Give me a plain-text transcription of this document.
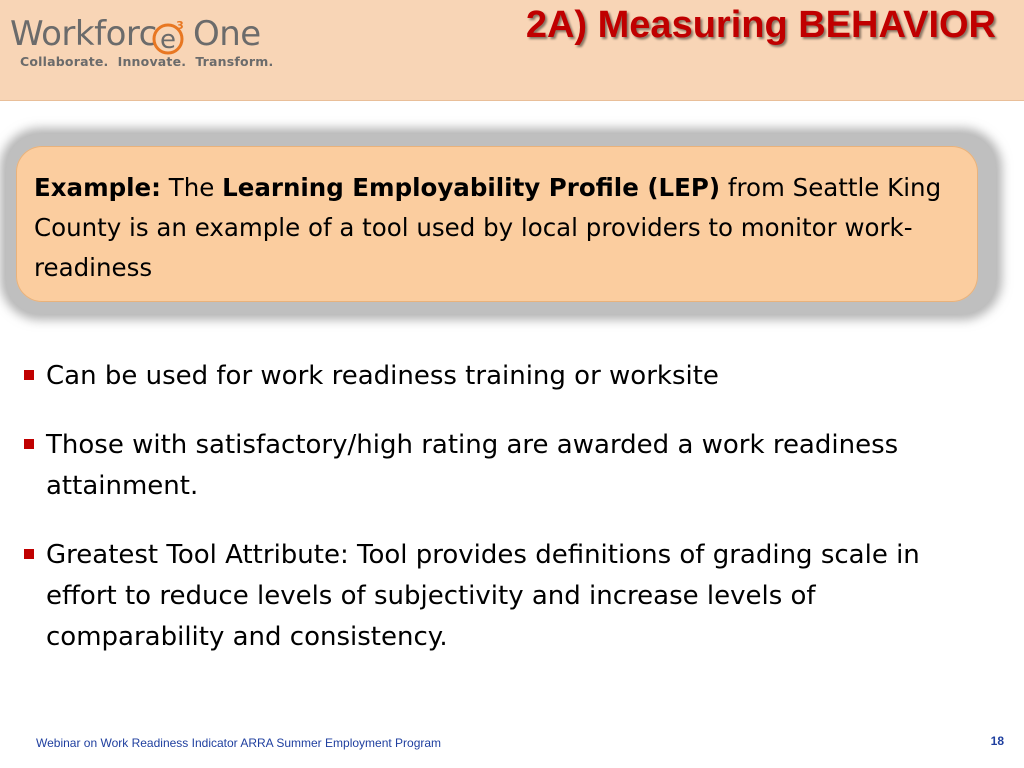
Workforc e 3 One
Collaborate.  Innovate.  Transform.
2A) Measuring BEHAVIOR
Example: The Learning Employability Profile (LEP) from Seattle King County is an example of a tool used by local providers to monitor work-readiness
Can be used for work readiness training or worksite
Those with satisfactory/high rating are awarded a work readiness attainment.
Greatest Tool Attribute: Tool provides definitions of grading scale in effort to reduce levels of subjectivity and increase levels of comparability and consistency.
Webinar on Work Readiness Indicator ARRA Summer Employment Program	18
